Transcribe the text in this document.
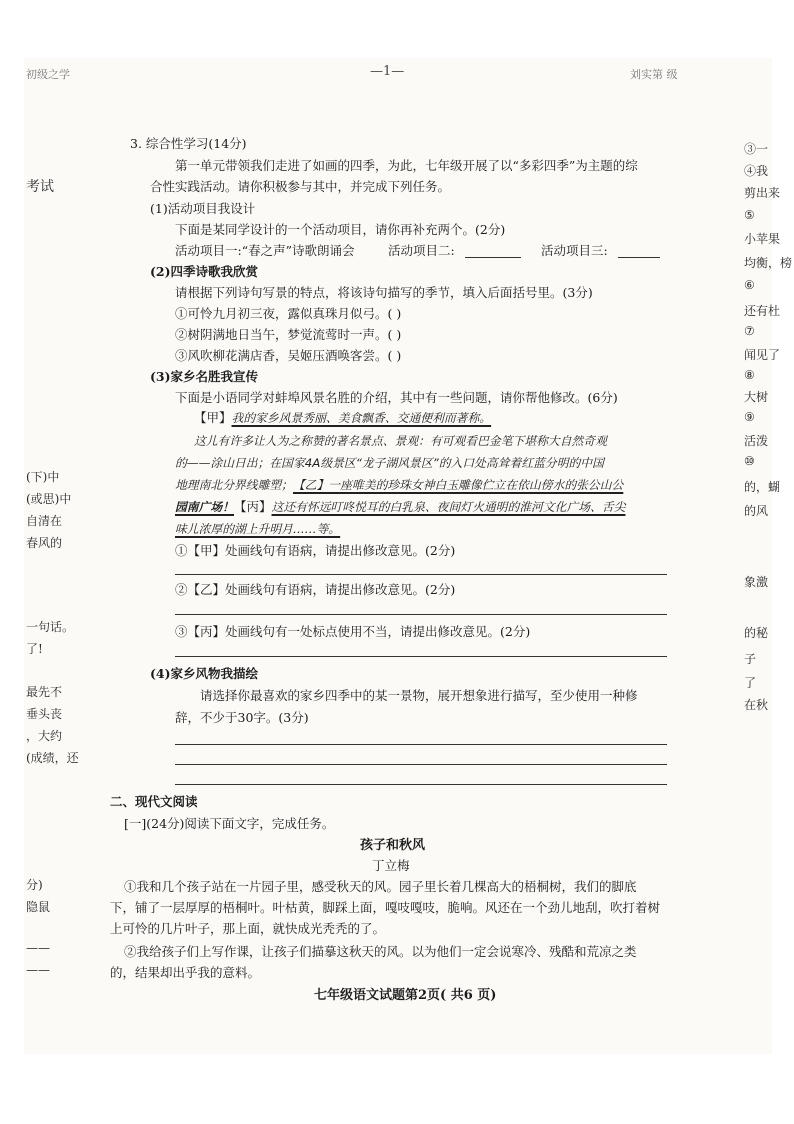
初级之学	—1—	刘实第 级
3. 综合性学习(14分)
第一单元带领我们走进了如画的四季，为此，七年级开展了以“多彩四季”为主题的综
合性实践活动。请你积极参与其中，并完成下列任务。
(1)活动项目我设计
下面是某同学设计的一个活动项目，请你再补充两个。(2分)
活动项目一:“春之声”诗歌朗诵会	活动项目二:	活动项目三:
(2)四季诗歌我欣赏
请根据下列诗句写景的特点，将该诗句描写的季节，填入后面括号里。(3分)
①可怜九月初三夜，露似真珠月似弓。( )
②树阴满地日当午，梦觉流莺时一声。( )
③风吹柳花满店香，吴姬压酒唤客尝。( )
(3)家乡名胜我宣传
下面是小语同学对蚌埠风景名胜的介绍，其中有一些问题，请你帮他修改。(6分)
【甲】我的家乡风景秀丽、美食飘香、交通便利而著称。
这儿有许多让人为之称赞的著名景点、景观：有可观看巴金笔下堪称大自然奇观
的——涂山日出；在国家4A级景区“龙子湖风景区”的入口处高耸着红蓝分明的中国
地理南北分界线雕塑；【乙】一座唯美的珍珠女神白玉雕像伫立在依山傍水的张公山公
园南广场！【丙】这还有怀远叮咚悦耳的白乳泉、夜间灯火通明的淮河文化广场、舌尖
味儿浓厚的湖上升明月……等。
①【甲】处画线句有语病，请提出修改意见。(2分)
②【乙】处画线句有语病，请提出修改意见。(2分)
③【丙】处画线句有一处标点使用不当，请提出修改意见。(2分)
(4)家乡风物我描绘
请选择你最喜欢的家乡四季中的某一景物，展开想象进行描写，至少使用一种修
辞，不少于30字。(3分)
二、现代文阅读
[一](24分)阅读下面文字，完成任务。
孩子和秋风
丁立梅
①我和几个孩子站在一片园子里，感受秋天的风。园子里长着几棵高大的梧桐树，我们的脚底
下，铺了一层厚厚的梧桐叶。叶枯黄，脚踩上面，嘎吱嘎吱，脆响。风还在一个劲儿地刮，吹打着树
上可怜的几片叶子，那上面，就快成光秃秃的了。
②我给孩子们上写作课，让孩子们描摹这秋天的风。以为他们一定会说寒冷、残酷和荒凉之类
的，结果却出乎我的意料。
七年级语文试题第2页( 共6 页)
考试
(下)中
(或思)中
自清在
春风的
一句话。
了!
最先不
垂头丧
，大约
(成绩，还
分)
隐鼠
——
——
③一
④我
剪出来
⑤
小苹果
均衡，榜
⑥
还有杜
⑦
闻见了
⑧
大树
⑨
活泼
⑩
的，蝴
的风
象激
的秘
子
了
在秋
